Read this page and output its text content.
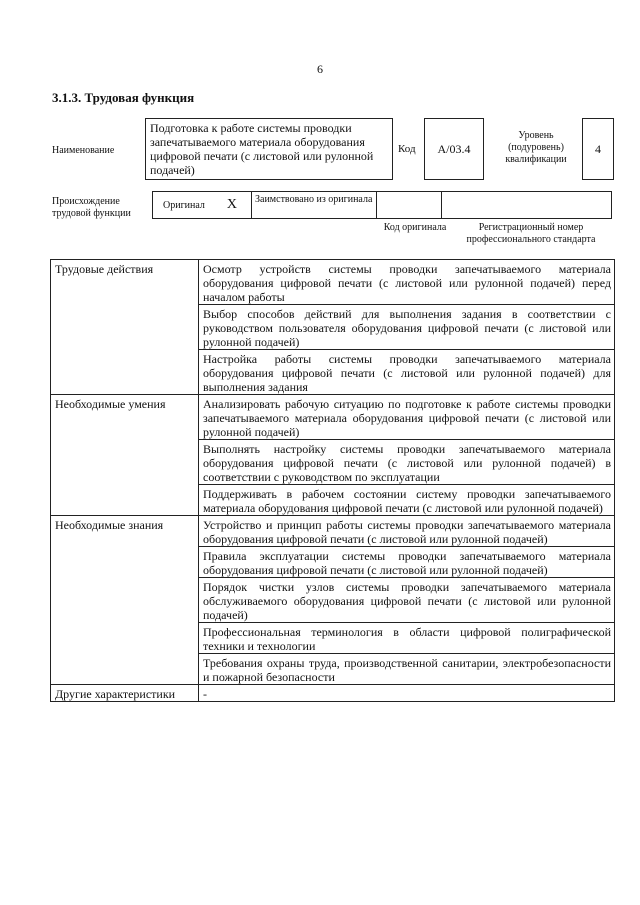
6
3.1.3. Трудовая функция
Наименование
Подготовка к работе системы проводки запечатываемого материала оборудования цифровой печати (с листовой или рулонной подачей)
Код	А/03.4
Уровень (подуровень) квалификации
4
Происхождение трудовой функции
Оригинал X	Заимствовано из оригинала
Код оригинала	Регистрационный номер профессионального стандарта
Трудовые действия	Осмотр устройств системы проводки запечатываемого материала оборудования цифровой печати (с листовой или рулонной подачей) перед началом работы
	Выбор способов действий для выполнения задания в соответствии с руководством пользователя оборудования цифровой печати (с листовой или рулонной подачей)
	Настройка работы системы проводки запечатываемого материала оборудования цифровой печати (с листовой или рулонной подачей) для выполнения задания
Необходимые умения	Анализировать рабочую ситуацию по подготовке к работе системы проводки запечатываемого материала оборудования цифровой печати (с листовой или рулонной подачей)
	Выполнять настройку системы проводки запечатываемого материала оборудования цифровой печати (с листовой или рулонной подачей) в соответствии с руководством по эксплуатации
	Поддерживать в рабочем состоянии систему проводки запечатываемого материала оборудования цифровой печати (с листовой или рулонной подачей)
Необходимые знания	Устройство и принцип работы системы проводки запечатываемого материала оборудования цифровой печати (с листовой или рулонной подачей)
	Правила эксплуатации системы проводки запечатываемого материала оборудования цифровой печати (с листовой или рулонной подачей)
	Порядок чистки узлов системы проводки запечатываемого материала обслуживаемого оборудования цифровой печати (с листовой или рулонной подачей)
	Профессиональная терминология в области цифровой полиграфической техники и технологии
	Требования охраны труда, производственной санитарии, электробезопасности и пожарной безопасности
Другие характеристики	-
